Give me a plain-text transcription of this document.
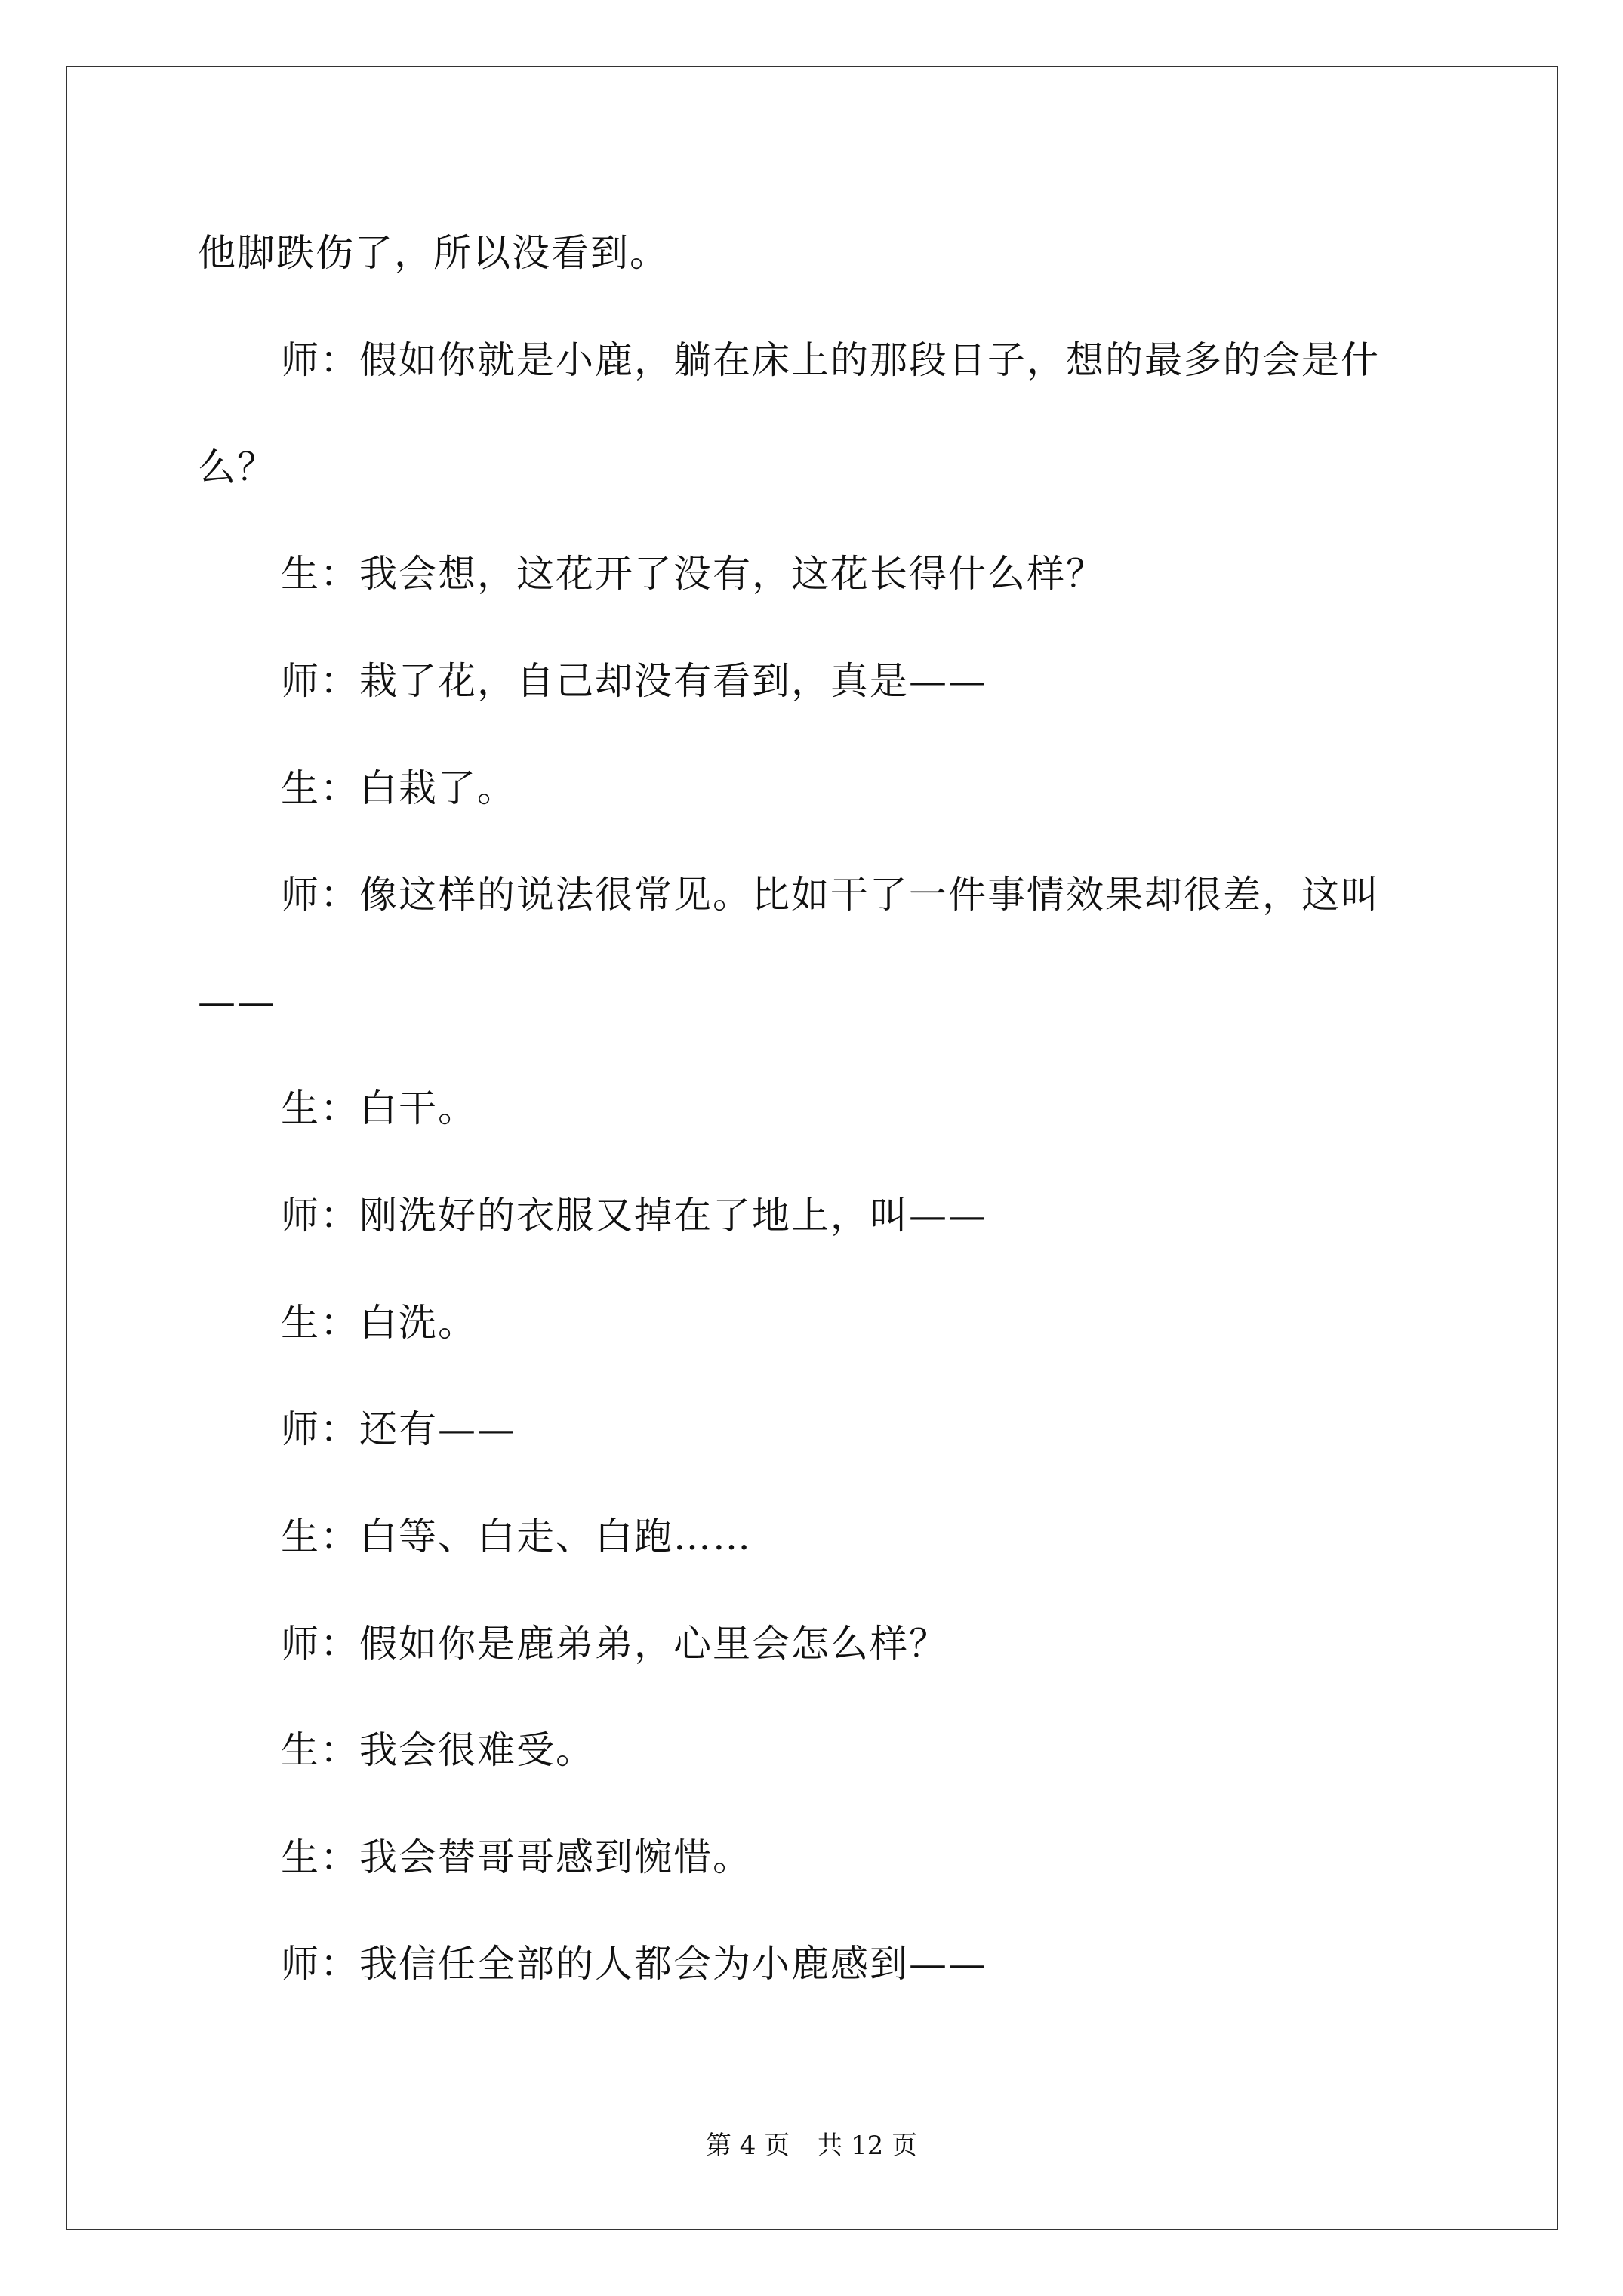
他脚跌伤了，所以没看到。
师：假如你就是小鹿，躺在床上的那段日子，想的最多的会是什
么？
生：我会想，这花开了没有，这花长得什么样？
师：栽了花，自己却没有看到，真是——
生：白栽了。
师：像这样的说法很常见。比如干了一件事情效果却很差，这叫
——
生：白干。
师：刚洗好的衣服又掉在了地上，叫——
生：白洗。
师：还有——
生：白等、白走、白跑……
师：假如你是鹿弟弟，心里会怎么样？
生：我会很难受。
生：我会替哥哥感到惋惜。
师：我信任全部的人都会为小鹿感到——
第 4 页 共 12 页
